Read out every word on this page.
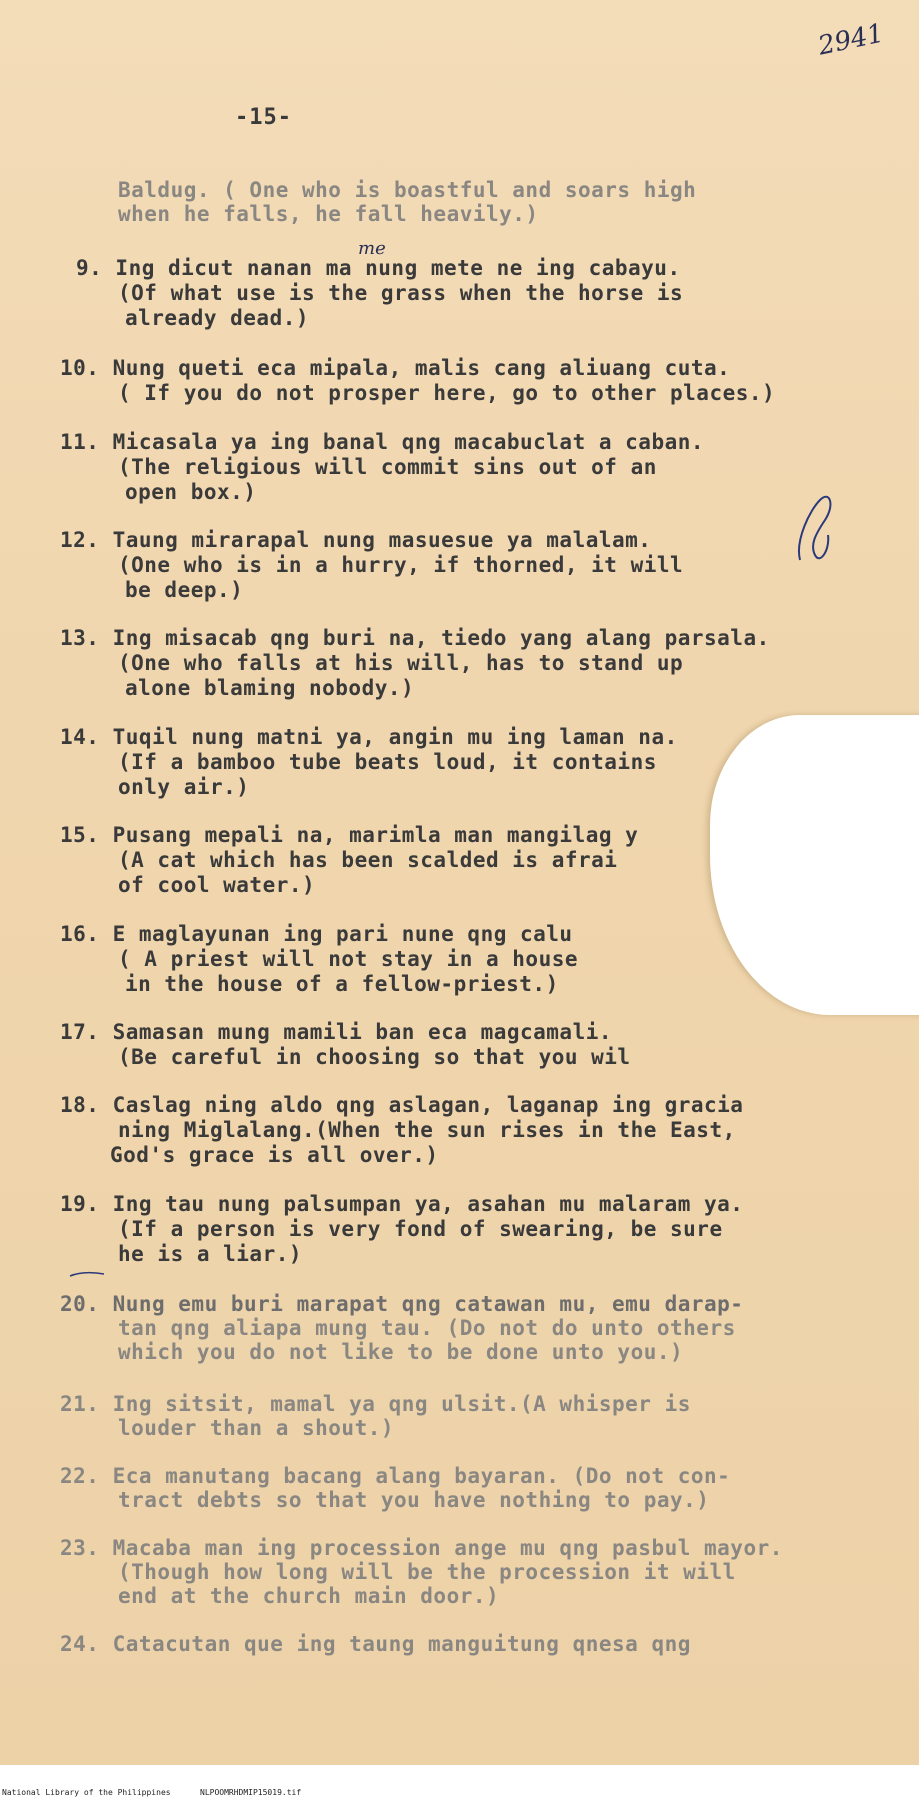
2941
-15-
me
Baldug. ( One who is boastful and soars high
when he falls, he fall heavily.)
9. Ing dicut nanan ma nung mete ne ing cabayu.
(Of what use is the grass when the horse is
already dead.)
10. Nung queti eca mipala, malis cang aliuang cuta.
( If you do not prosper here, go to other places.)
11. Micasala ya ing banal qng macabuclat a caban.
(The religious will commit sins out of an
open box.)
12. Taung mirarapal nung masuesue ya malalam.
(One who is in a hurry, if thorned, it will
be deep.)
13. Ing misacab qng buri na, tiedo yang alang parsala.
(One who falls at his will, has to stand up
alone blaming nobody.)
14. Tuqil nung matni ya, angin mu ing laman na.
(If a bamboo tube beats loud, it contains
only air.)
15. Pusang mepali na, marimla man mangilag y
(A cat which has been scalded is afrai
of cool water.)
16. E maglayunan ing pari nune qng calu
( A priest will not stay in a house
in the house of a fellow-priest.)
17. Samasan mung mamili ban eca magcamali.
(Be careful in choosing so that you wil
18. Caslag ning aldo qng aslagan, laganap ing gracia
ning Miglalang.(When the sun rises in the East,
God's grace is all over.)
19. Ing tau nung palsumpan ya, asahan mu malaram ya.
(If a person is very fond of swearing, be sure
he is a liar.)
20. Nung emu buri marapat qng catawan mu, emu darap-
tan qng aliapa mung tau. (Do not do unto others
which you do not like to be done unto you.)
21. Ing sitsit, mamal ya qng ulsit.(A whisper is
louder than a shout.)
22. Eca manutang bacang alang bayaran. (Do not con-
tract debts so that you have nothing to pay.)
23. Macaba man ing procession ange mu qng pasbul mayor.
(Though how long will be the procession it will
end at the church main door.)
24. Catacutan que ing taung manguitung qnesa qng
National Library of the Philippines	NLPOOMRHDMIP15019.tif
